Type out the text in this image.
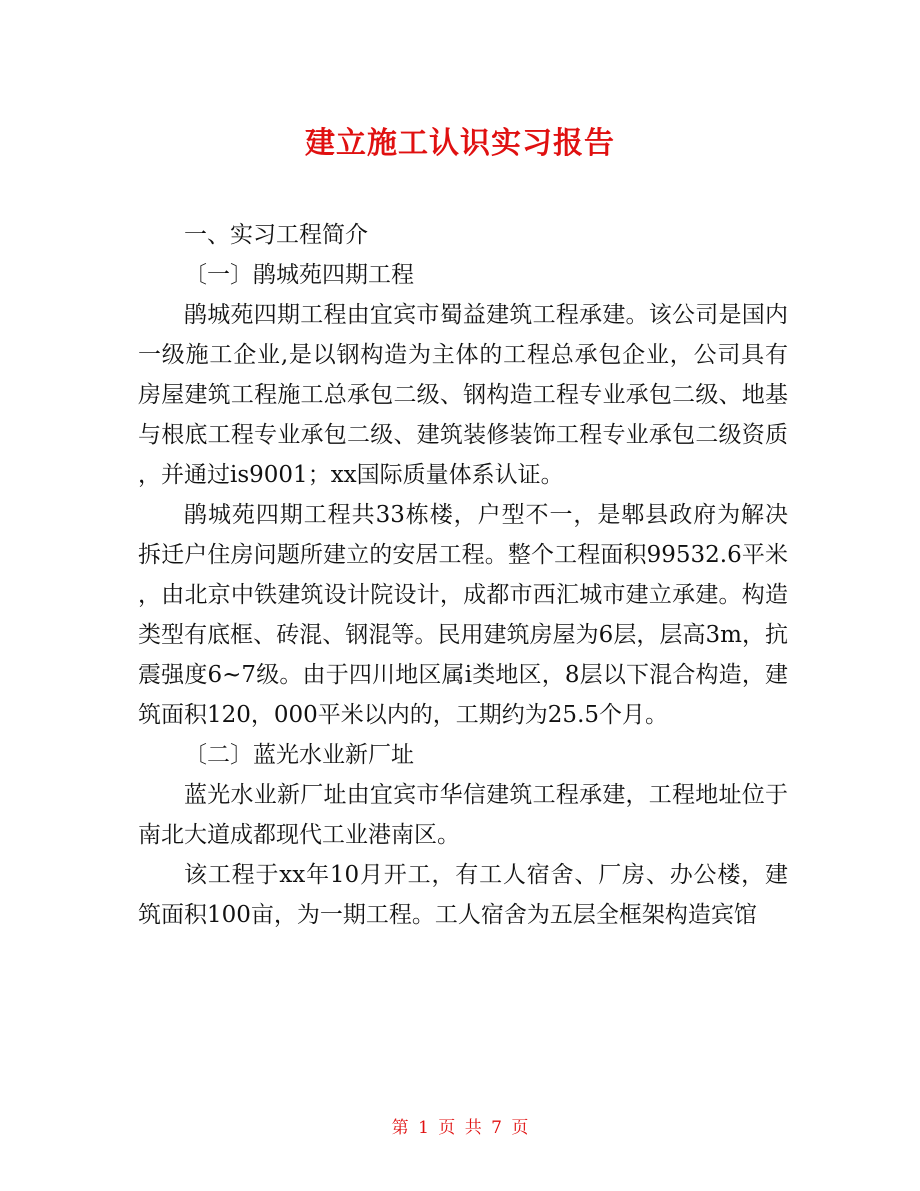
建立施工认识实习报告

一、实习工程简介

〔一〕鹃城苑四期工程

鹃城苑四期工程由宜宾市蜀益建筑工程承建。该公司是国内一级施工企业,是以钢构造为主体的工程总承包企业，公司具有房屋建筑工程施工总承包二级、钢构造工程专业承包二级、地基与根底工程专业承包二级、建筑装修装饰工程专业承包二级资质，并通过is9001；xx国际质量体系认证。

鹃城苑四期工程共33栋楼，户型不一，是郫县政府为解决拆迁户住房问题所建立的安居工程。整个工程面积99532.6平米，由北京中铁建筑设计院设计，成都市西汇城市建立承建。构造类型有底框、砖混、钢混等。民用建筑房屋为6层，层高3m，抗震强度6~7级。由于四川地区属i类地区，8层以下混合构造，建筑面积120，000平米以内的，工期约为25.5个月。

〔二〕蓝光水业新厂址

蓝光水业新厂址由宜宾市华信建筑工程承建，工程地址位于南北大道成都现代工业港南区。

该工程于xx年10月开工，有工人宿舍、厂房、办公楼，建筑面积100亩，为一期工程。工人宿舍为五层全框架构造宾馆

第 1 页 共 7 页
